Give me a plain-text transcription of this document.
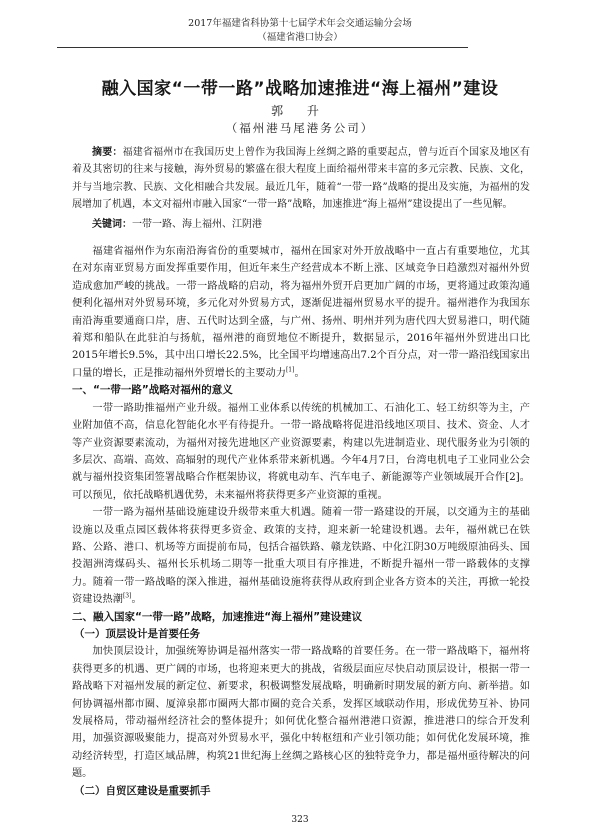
2017年福建省科协第十七届学术年会交通运输分会场
（福建省港口协会）
融入国家“一带一路”战略加速推进“海上福州”建设
郭 升
（福州港马尾港务公司）

摘要：福建省福州市在我国历史上曾作为我国海上丝绸之路的重要起点，曾与近百个国家及地区有着及其密切的往来与接触，海外贸易的繁盛在很大程度上面给福州带来丰富的多元宗教、民族、文化，并与当地宗教、民族、文化相融合共发展。最近几年，随着“一带一路”战略的提出及实施，为福州的发展增加了机遇，本文对福州市融入国家“一带一路”战略，加速推进“海上福州”建设提出了一些见解。

关键词：一带一路、海上福州、江阴港

福建省福州作为东南沿海省份的重要城市，福州在国家对外开放战略中一直占有重要地位，尤其在对东南亚贸易方面发挥重要作用，但近年来生产经营成本不断上涨、区域竞争日趋激烈对福州外贸造成愈加严峻的挑战。一带一路战略的启动，将为福州外贸开启更加广阔的市场，更将通过政策沟通便利化福州对外贸易环境，多元化对外贸易方式，逐渐促进福州贸易水平的提升。福州港作为我国东南沿海重要通商口岸，唐、五代时达到全盛，与广州、扬州、明州并列为唐代四大贸易港口，明代随着郑和船队在此驻泊与扬航，福州港的商贸地位不断提升，数据显示，2016年福州外贸进出口比2015年增长9.5%，其中出口增长22.5%，比全国平均增速高出7.2个百分点，对一带一路沿线国家出口量的增长，正是推动福州外贸增长的主要动力[1]。

一、“一带一路”战略对福州的意义

一带一路助推福州产业升级。福州工业体系以传统的机械加工、石油化工、轻工纺织等为主，产业附加值不高，信息化智能化水平有待提升。一带一路战略将促进沿线地区项目、技术、资金、人才等产业资源要素流动，为福州对接先进地区产业资源要素，构建以先进制造业、现代服务业为引领的多层次、高端、高效、高辐射的现代产业体系带来新机遇。今年4月7日，台湾电机电子工业同业公会就与福州投资集团签署战略合作框架协议，将就电动车、汽车电子、新能源等产业领域展开合作[2]。可以预见，依托战略机遇优势，未来福州将获得更多产业资源的重视。

一带一路为福州基础设施建设升级带来重大机遇。随着一带一路建设的开展，以交通为主的基础设施以及重点园区载体将获得更多资金、政策的支持，迎来新一轮建设机遇。去年，福州就已在铁路、公路、港口、机场等方面提前布局，包括合福铁路、赣龙铁路、中化江阴30万吨级原油码头、国投湄洲湾煤码头、福州长乐机场二期等一批重大项目有序推进，不断提升福州一带一路载体的支撑力。随着一带一路战略的深入推进，福州基础设施将获得从政府到企业各方资本的关注，再掀一轮投资建设热潮[3]。

二、融入国家“一带一路”战略，加速推进“海上福州”建设建议
（一）顶层设计是首要任务

加快顶层设计，加强统筹协调是福州落实一带一路战略的首要任务。在一带一路战略下，福州将获得更多的机遇、更广阔的市场，也将迎来更大的挑战，省级层面应尽快启动顶层设计，根据一带一路战略下对福州发展的新定位、新要求，积极调整发展战略，明确新时期发展的新方向、新举措。如何协调福州都市圈、厦漳泉都市圈两大都市圈的竞合关系，发挥区域联动作用，形成优势互补、协同发展格局，带动福州经济社会的整体提升；如何优化整合福州港港口资源，推进港口的综合开发利用，加强资源吸聚能力，提高对外贸易水平，强化中转枢纽和产业引领功能；如何优化发展环境，推动经济转型，打造区域品牌，构筑21世纪海上丝绸之路核心区的独特竞争力，都是福州亟待解决的问题。

（二）自贸区建设是重要抓手
323
